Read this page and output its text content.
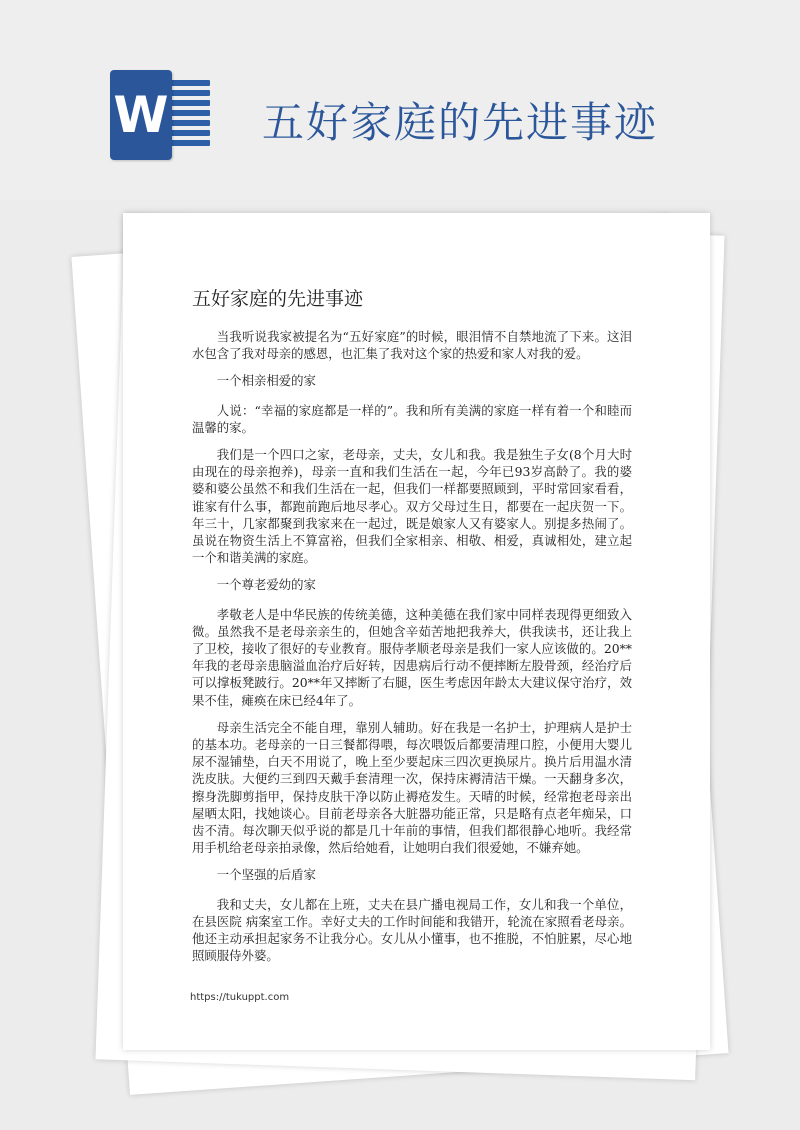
W 五好家庭的先进事迹
五好家庭的先进事迹

当我听说我家被提名为“五好家庭”的时候，眼泪情不自禁地流了下来。这泪水包含了我对母亲的感恩，也汇集了我对这个家的热爱和家人对我的爱。

一个相亲相爱的家

人说：“幸福的家庭都是一样的”。我和所有美满的家庭一样有着一个和睦而温馨的家。

我们是一个四口之家，老母亲，丈夫，女儿和我。我是独生子女(8个月大时由现在的母亲抱养)，母亲一直和我们生活在一起，今年已93岁高龄了。我的婆婆和婆公虽然不和我们生活在一起，但我们一样都要照顾到，平时常回家看看，谁家有什么事，都跑前跑后地尽孝心。双方父母过生日，都要在一起庆贺一下。年三十，几家都聚到我家来在一起过，既是娘家人又有婆家人。别提多热闹了。虽说在物资生活上不算富裕，但我们全家相亲、相敬、相爱，真诚相处，建立起一个和谐美满的家庭。

一个尊老爱幼的家

孝敬老人是中华民族的传统美德，这种美德在我们家中同样表现得更细致入微。虽然我不是老母亲亲生的，但她含辛茹苦地把我养大，供我读书，还让我上了卫校，接收了很好的专业教育。服侍孝顺老母亲是我们一家人应该做的。20**年我的老母亲患脑溢血治疗后好转，因患病后行动不便摔断左股骨颈，经治疗后可以撑板凳跛行。20**年又摔断了右腿，医生考虑因年龄太大建议保守治疗，效果不佳，瘫痪在床已经4年了。

母亲生活完全不能自理，靠别人辅助。好在我是一名护士，护理病人是护士的基本功。老母亲的一日三餐都得喂，每次喂饭后都要清理口腔，小便用大婴儿尿不湿铺垫，白天不用说了，晚上至少要起床三四次更换尿片。换片后用温水清洗皮肤。大便约三到四天戴手套清理一次，保持床褥清洁干燥。一天翻身多次，擦身洗脚剪指甲，保持皮肤干净以防止褥疮发生。天晴的时候，经常抱老母亲出屋晒太阳，找她谈心。目前老母亲各大脏器功能正常，只是略有点老年痴呆，口齿不清。每次聊天似乎说的都是几十年前的事情，但我们都很静心地听。我经常用手机给老母亲拍录像，然后给她看，让她明白我们很爱她，不嫌弃她。

一个坚强的后盾家

我和丈夫，女儿都在上班，丈夫在县广播电视局工作，女儿和我一个单位，在县医院 病案室工作。幸好丈夫的工作时间能和我错开，轮流在家照看老母亲。他还主动承担起家务不让我分心。女儿从小懂事，也不推脱，不怕脏累，尽心地照顾服侍外婆。

https://tukuppt.com
